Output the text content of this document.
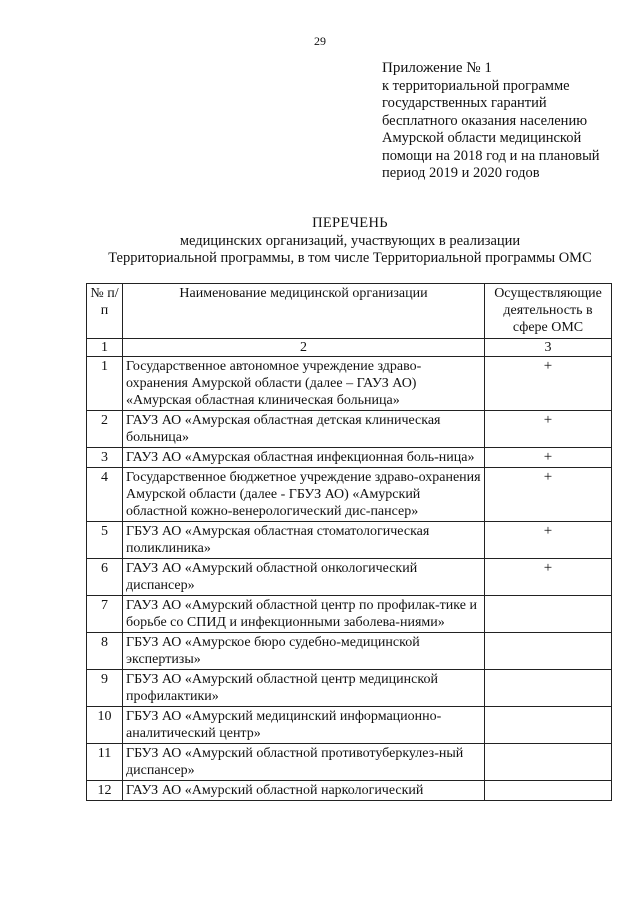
29
Приложение № 1
к территориальной программе
государственных гарантий
бесплатного оказания населению
Амурской области медицинской
помощи на 2018 год и на плановый
период 2019 и 2020 годов
ПЕРЕЧЕНЬ
медицинских организаций, участвующих в реализации
Территориальной программы, в том числе Территориальной программы ОМС
№ п/п	Наименование медицинской организации	Осуществляющие деятельность в сфере ОМС
1	2	3
1	Государственное автономное учреждение здраво-охранения Амурской области (далее – ГАУЗ АО) «Амурская областная клиническая больница»	+
2	ГАУЗ АО «Амурская областная детская клиническая больница»	+
3	ГАУЗ АО «Амурская областная инфекционная боль-ница»	+
4	Государственное бюджетное учреждение здраво-охранения Амурской области (далее - ГБУЗ АО) «Амурский областной кожно-венерологический дис-пансер»	+
5	ГБУЗ АО «Амурская областная стоматологическая поликлиника»	+
6	ГАУЗ АО «Амурский областной онкологический диспансер»	+
7	ГАУЗ АО «Амурский областной центр по профилак-тике и борьбе со СПИД и инфекционными заболева-ниями»	
8	ГБУЗ АО «Амурское бюро судебно-медицинской экспертизы»	
9	ГБУЗ АО «Амурский областной центр медицинской профилактики»	
10	ГБУЗ АО «Амурский медицинский информационно-аналитический центр»	
11	ГБУЗ АО «Амурский областной противотуберкулез-ный диспансер»	
12	ГАУЗ АО «Амурский областной наркологический	
